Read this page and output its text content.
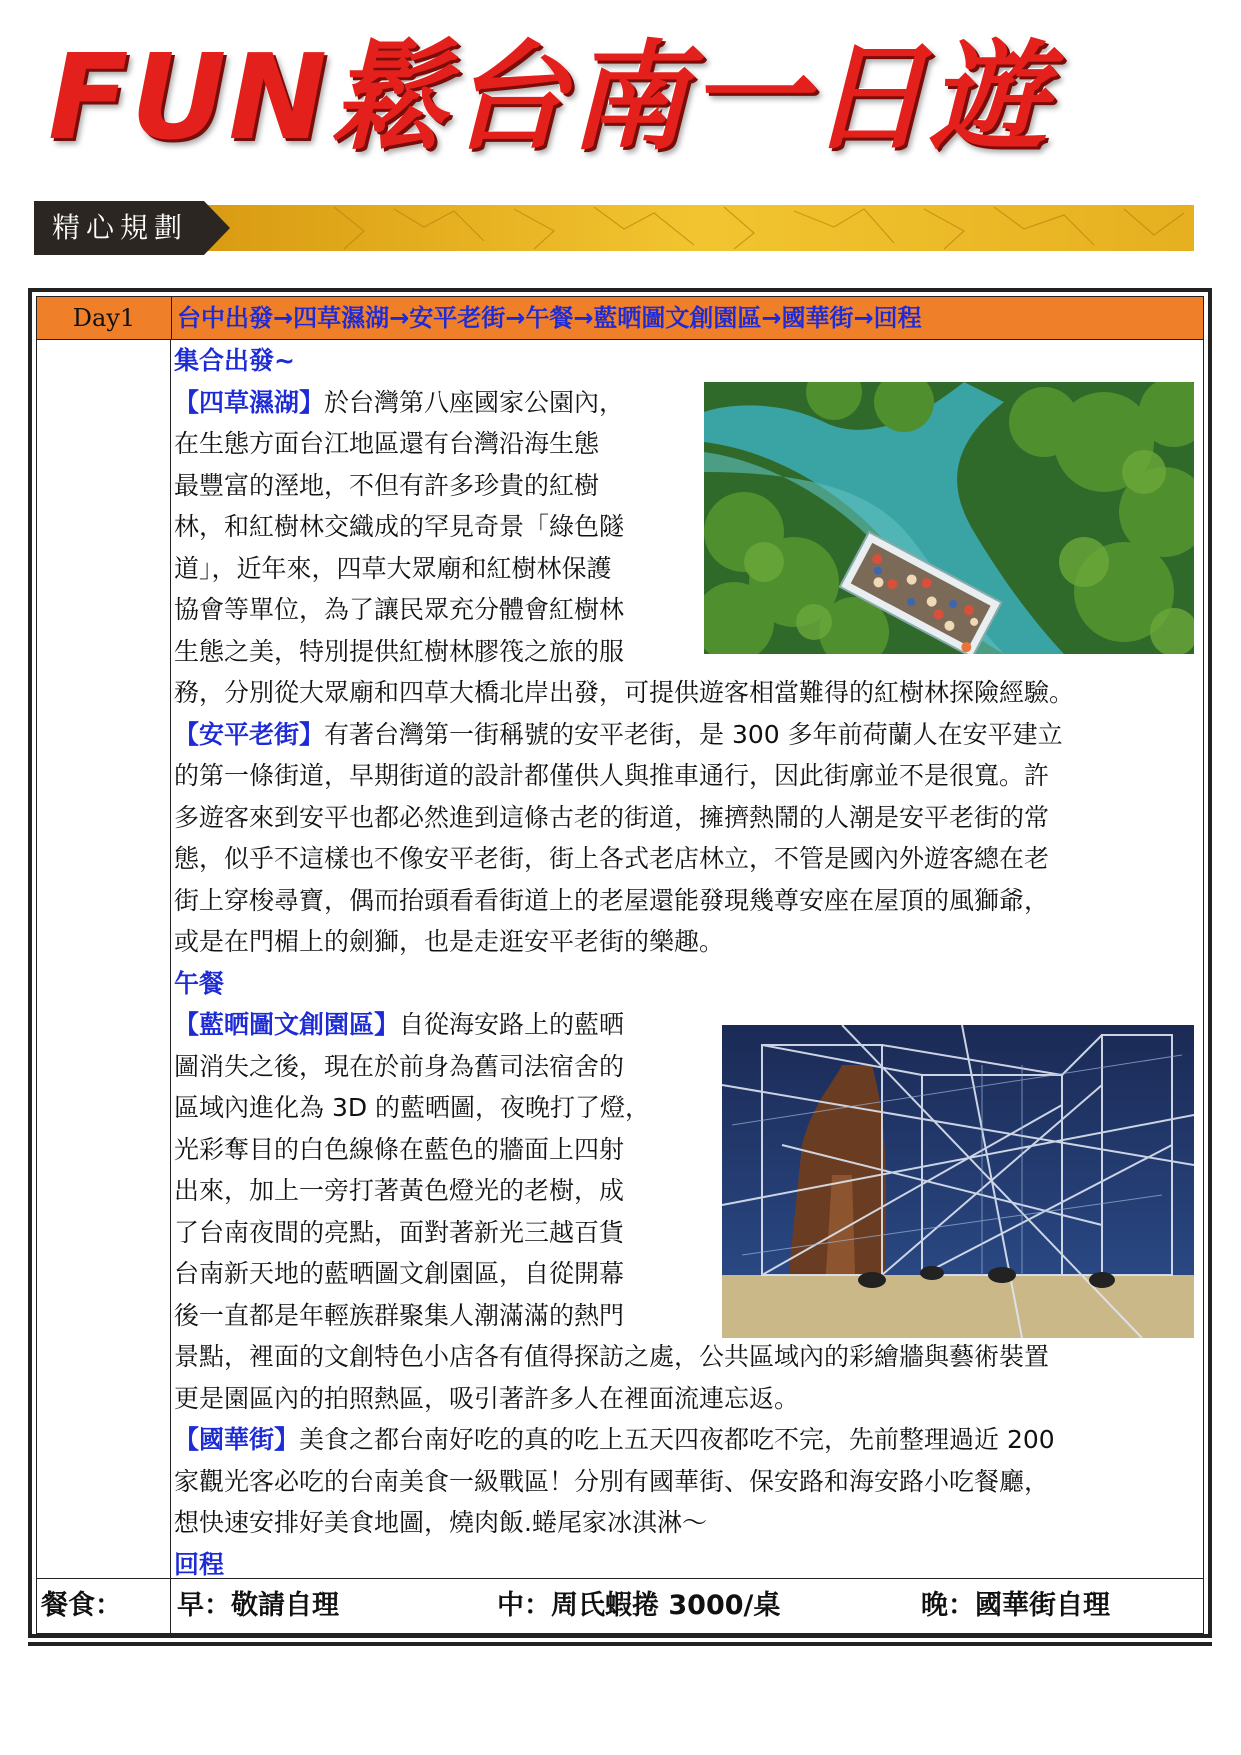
FUN鬆台南一日遊
精心規劃
Day1	台中出發→四草濕湖→安平老街→午餐→藍晒圖文創園區→國華街→回程

集合出發~

【四草濕湖】於台灣第八座國家公園內，
在生態方面台江地區還有台灣沿海生態
最豐富的溼地，不但有許多珍貴的紅樹
林，和紅樹林交織成的罕見奇景「綠色隧
道」，近年來，四草大眾廟和紅樹林保護
協會等單位，為了讓民眾充分體會紅樹林
生態之美，特別提供紅樹林膠筏之旅的服
務，分別從大眾廟和四草大橋北岸出發，可提供遊客相當難得的紅樹林探險經驗。

【安平老街】有著台灣第一街稱號的安平老街，是 300 多年前荷蘭人在安平建立
的第一條街道，早期街道的設計都僅供人與推車通行，因此街廓並不是很寬。許
多遊客來到安平也都必然進到這條古老的街道，擁擠熱鬧的人潮是安平老街的常
態，似乎不這樣也不像安平老街，街上各式老店林立，不管是國內外遊客總在老
街上穿梭尋寶，偶而抬頭看看街道上的老屋還能發現幾尊安座在屋頂的風獅爺，
或是在門楣上的劍獅，也是走逛安平老街的樂趣。

午餐

【藍晒圖文創園區】自從海安路上的藍晒
圖消失之後，現在於前身為舊司法宿舍的
區域內進化為 3D 的藍晒圖，夜晚打了燈，
光彩奪目的白色線條在藍色的牆面上四射
出來，加上一旁打著黃色燈光的老樹，成
了台南夜間的亮點，面對著新光三越百貨
台南新天地的藍晒圖文創園區，自從開幕
後一直都是年輕族群聚集人潮滿滿的熱門
景點，裡面的文創特色小店各有值得探訪之處，公共區域內的彩繪牆與藝術裝置
更是園區內的拍照熱區，吸引著許多人在裡面流連忘返。

【國華街】美食之都台南好吃的真的吃上五天四夜都吃不完，先前整理過近 200
家觀光客必吃的台南美食一級戰區！分別有國華街、保安路和海安路小吃餐廳，
想快速安排好美食地圖，燒肉飯.蜷尾家冰淇淋～

回程

餐食： 早：敬請自理	中：周氏蝦捲 3000/桌	晚：國華街自理
